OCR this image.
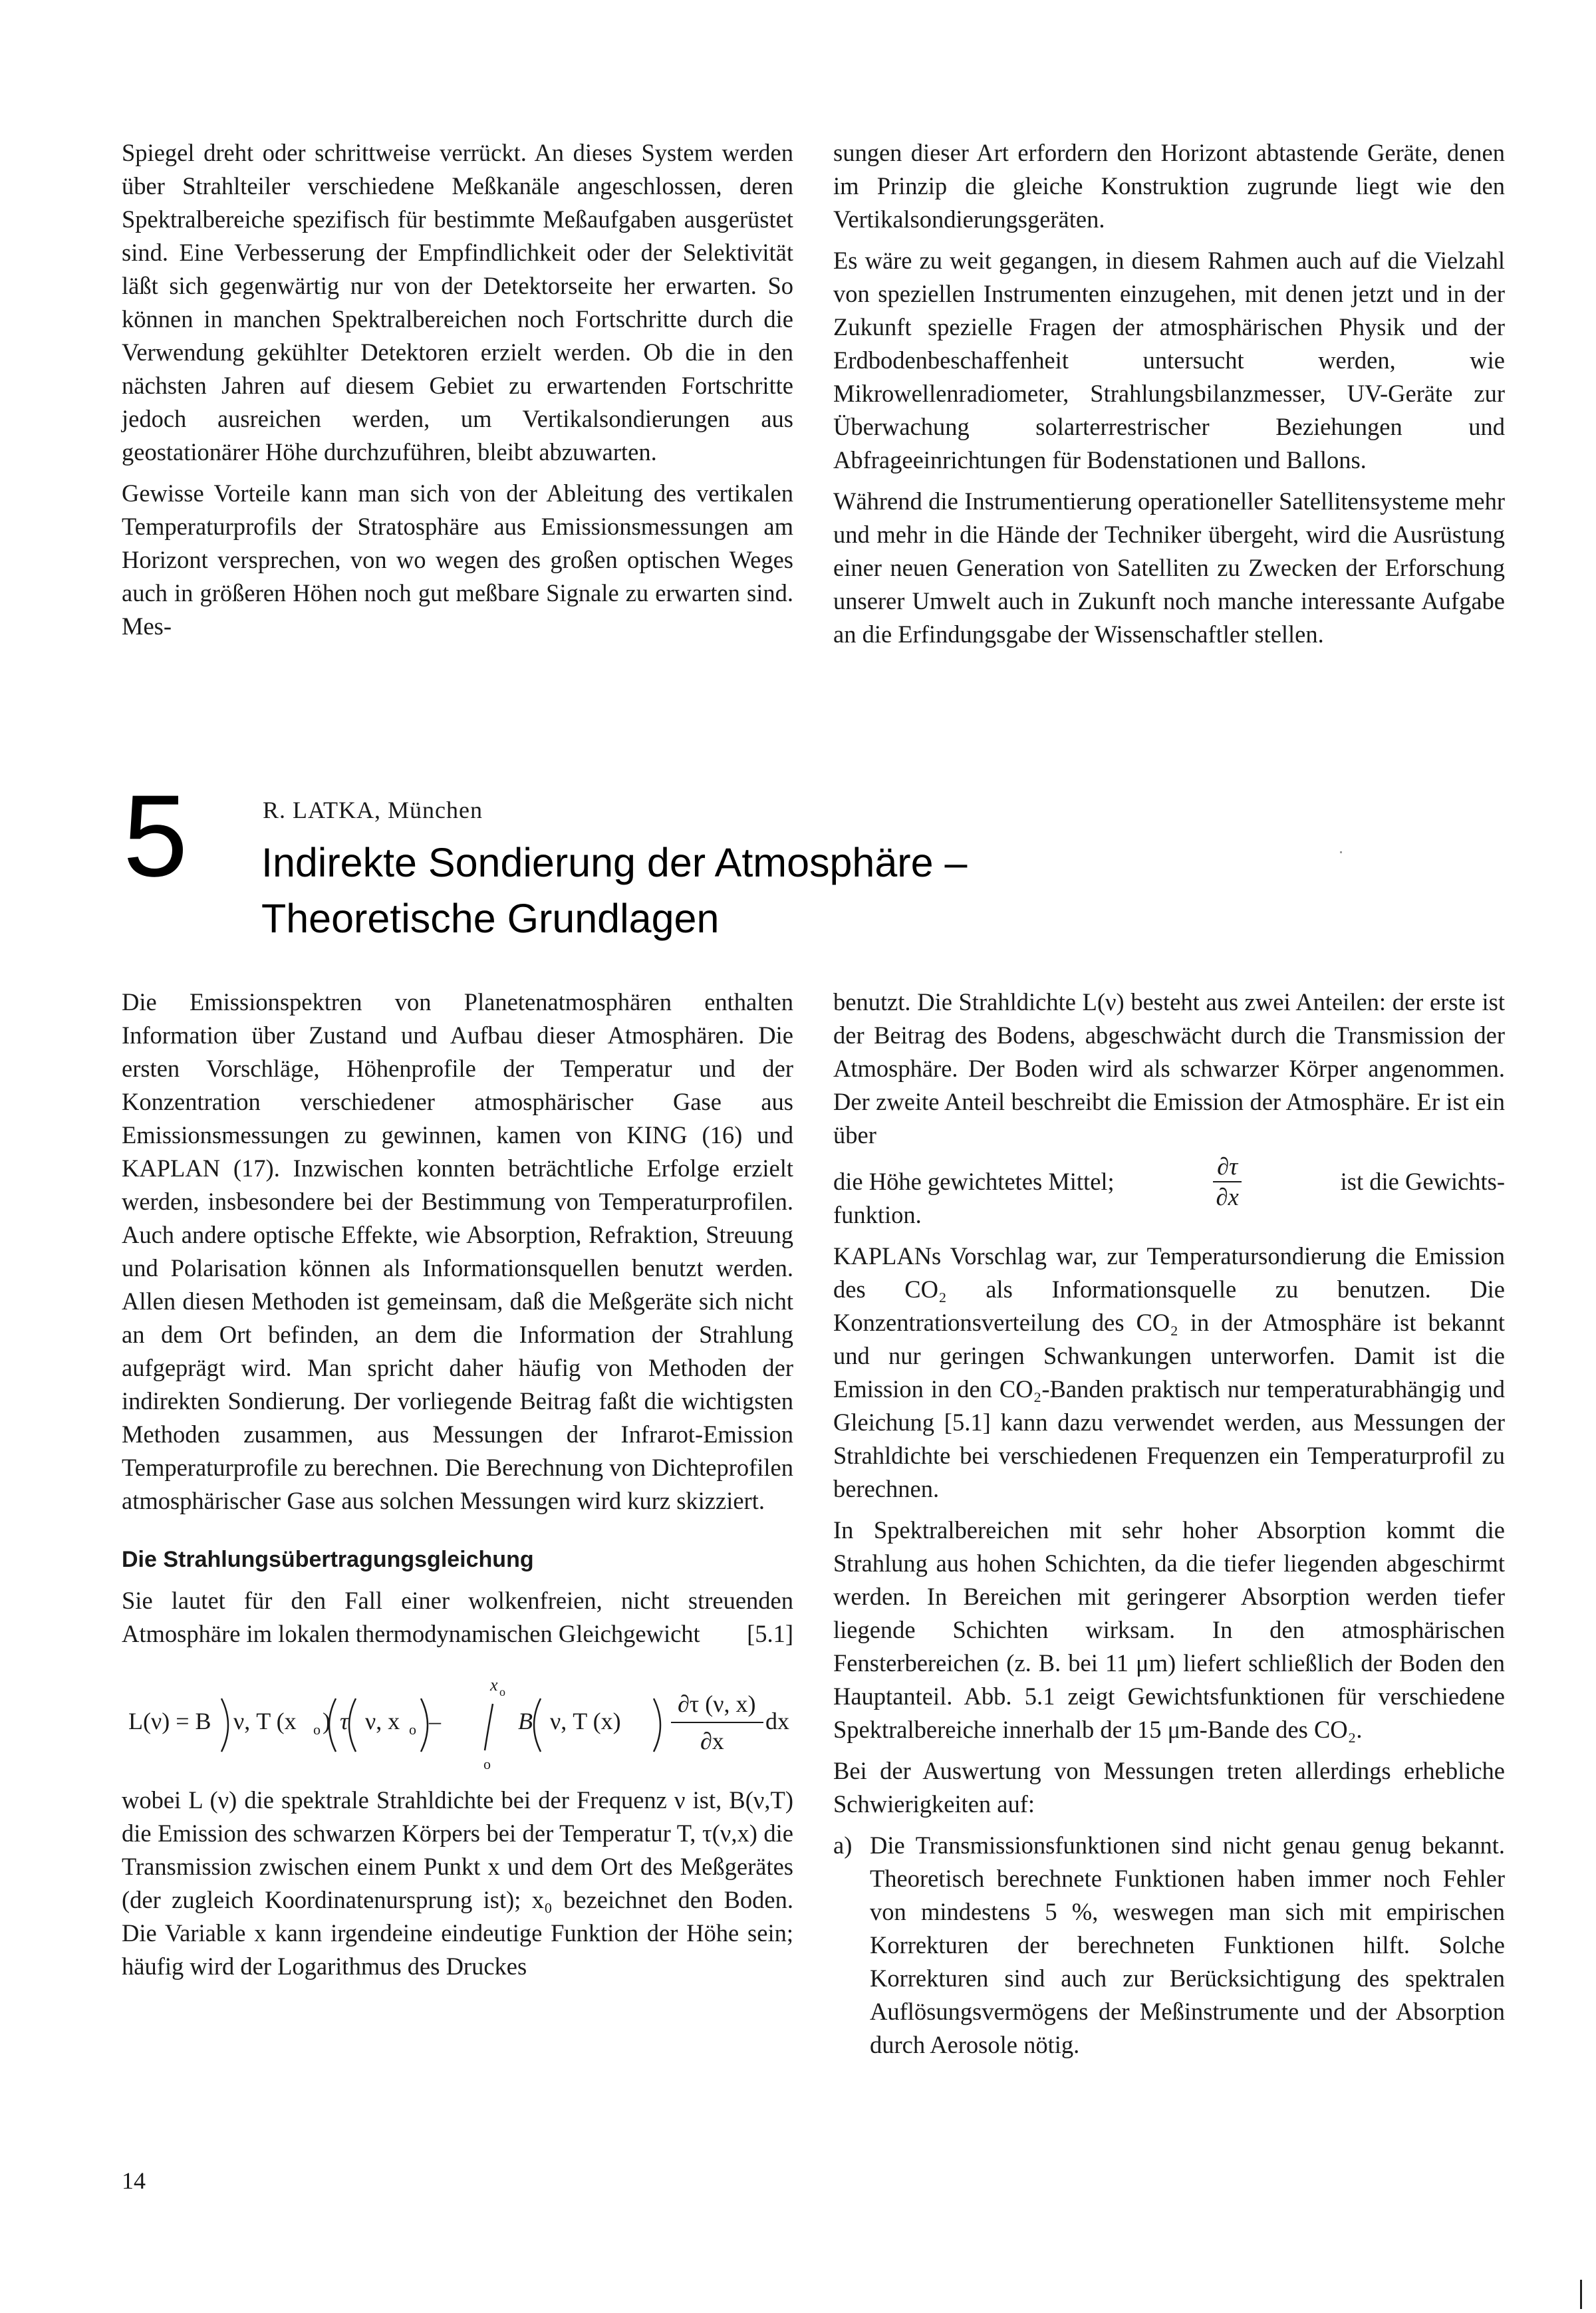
Spiegel dreht oder schrittweise verrückt. An dieses System werden über Strahlteiler verschiedene Meßkanäle angeschlossen, deren Spektralbereiche spezifisch für bestimmte Meßaufgaben ausgerüstet sind. Eine Verbesserung der Empfindlichkeit oder der Selektivität läßt sich gegenwärtig nur von der Detektorseite her erwarten. So können in manchen Spektralbereichen noch Fortschritte durch die Verwendung gekühlter Detektoren erzielt werden. Ob die in den nächsten Jahren auf diesem Gebiet zu erwartenden Fortschritte jedoch ausreichen werden, um Vertikalsondierungen aus geostationärer Höhe durchzuführen, bleibt abzuwarten.

Gewisse Vorteile kann man sich von der Ableitung des vertikalen Temperaturprofils der Stratosphäre aus Emissionsmessungen am Horizont versprechen, von wo wegen des großen optischen Weges auch in größeren Höhen noch gut meßbare Signale zu erwarten sind. Mes-

sungen dieser Art erfordern den Horizont abtastende Geräte, denen im Prinzip die gleiche Konstruktion zugrunde liegt wie den Vertikalsondierungsgeräten.

Es wäre zu weit gegangen, in diesem Rahmen auch auf die Vielzahl von speziellen Instrumenten einzugehen, mit denen jetzt und in der Zukunft spezielle Fragen der atmosphärischen Physik und der Erdbodenbeschaffenheit untersucht werden, wie Mikrowellenradiometer, Strahlungsbilanzmesser, UV-Geräte zur Überwachung solarterrestrischer Beziehungen und Abfrageeinrichtungen für Bodenstationen und Ballons.

Während die Instrumentierung operationeller Satellitensysteme mehr und mehr in die Hände der Techniker übergeht, wird die Ausrüstung einer neuen Generation von Satelliten zu Zwecken der Erforschung unserer Umwelt auch in Zukunft noch manche interessante Aufgabe an die Erfindungsgabe der Wissenschaftler stellen.

5	R. LATKA, München
Indirekte Sondierung der Atmosphäre –
Theoretische Grundlagen

Die Emissionspektren von Planetenatmosphären enthalten Information über Zustand und Aufbau dieser Atmosphären. Die ersten Vorschläge, Höhenprofile der Temperatur und der Konzentration verschiedener atmosphärischer Gase aus Emissionsmessungen zu gewinnen, kamen von KING (16) und KAPLAN (17). Inzwischen konnten beträchtliche Erfolge erzielt werden, insbesondere bei der Bestimmung von Temperaturprofilen. Auch andere optische Effekte, wie Absorption, Refraktion, Streuung und Polarisation können als Informationsquellen benutzt werden. Allen diesen Methoden ist gemeinsam, daß die Meßgeräte sich nicht an dem Ort befinden, an dem die Information der Strahlung aufgeprägt wird. Man spricht daher häufig von Methoden der indirekten Sondierung. Der vorliegende Beitrag faßt die wichtigsten Methoden zusammen, aus Messungen der Infrarot-Emission Temperaturprofile zu berechnen. Die Berechnung von Dichteprofilen atmosphärischer Gase aus solchen Messungen wird kurz skizziert.

Die Strahlungsübertragungsgleichung

Sie lautet für den Fall einer wolkenfreien, nicht streuenden Atmosphäre im lokalen thermodynamischen Gleichgewicht	[5.1]
L(ν) = B ν, T (x o ) τ ν, x o –
x o
o
B ν, T (x)
∂τ (ν, x)
∂x
dx

wobei L (ν) die spektrale Strahldichte bei der Frequenz ν ist, B(ν,T) die Emission des schwarzen Körpers bei der Temperatur T, τ(ν,x) die Transmission zwischen einem Punkt x und dem Ort des Meßgerätes (der zugleich Koordinatenursprung ist); x₀ bezeichnet den Boden. Die Variable x kann irgendeine eindeutige Funktion der Höhe sein; häufig wird der Logarithmus des Druckes

benutzt. Die Strahldichte L(ν) besteht aus zwei Anteilen: der erste ist der Beitrag des Bodens, abgeschwächt durch die Transmission der Atmosphäre. Der Boden wird als schwarzer Körper angenommen. Der zweite Anteil beschreibt die Emission der Atmosphäre. Er ist ein über

die Höhe gewichtetes Mittel;	$\frac{\partial\tau}{\partial x}$	ist die Gewichts-

funktion.

KAPLANs Vorschlag war, zur Temperatursondierung die Emission des CO₂ als Informationsquelle zu benutzen. Die Konzentrationsverteilung des CO₂ in der Atmosphäre ist bekannt und nur geringen Schwankungen unterworfen. Damit ist die Emission in den CO₂-Banden praktisch nur temperaturabhängig und Gleichung [5.1] kann dazu verwendet werden, aus Messungen der Strahldichte bei verschiedenen Frequenzen ein Temperaturprofil zu berechnen.

In Spektralbereichen mit sehr hoher Absorption kommt die Strahlung aus hohen Schichten, da die tiefer liegenden abgeschirmt werden. In Bereichen mit geringerer Absorption werden tiefer liegende Schichten wirksam. In den atmosphärischen Fensterbereichen (z. B. bei 11 μm) liefert schließlich der Boden den Hauptanteil. Abb. 5.1 zeigt Gewichtsfunktionen für verschiedene Spektralbereiche innerhalb der 15 μm-Bande des CO₂.

Bei der Auswertung von Messungen treten allerdings erhebliche Schwierigkeiten auf:

a) Die Transmissionsfunktionen sind nicht genau genug bekannt. Theoretisch berechnete Funktionen haben immer noch Fehler von mindestens 5 %, weswegen man sich mit empirischen Korrekturen der berechneten Funktionen hilft. Solche Korrekturen sind auch zur Berücksichtigung des spektralen Auflösungsvermögens der Meßinstrumente und der Absorption durch Aerosole nötig.
14
